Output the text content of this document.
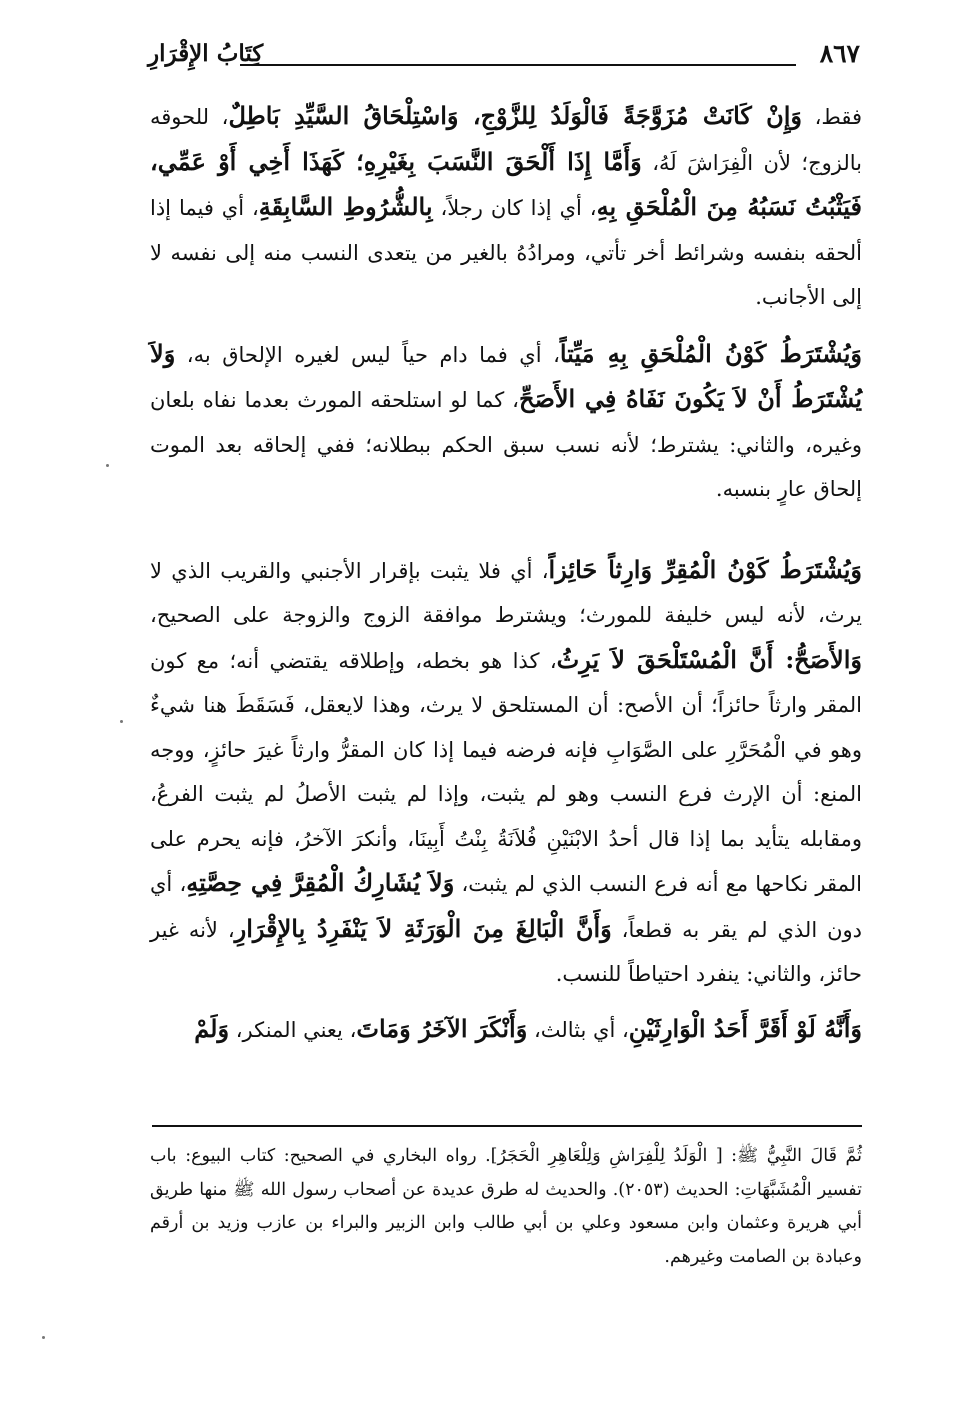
٨٦٧
كِتَابُ الإِقْرَارِ

فقط، وَإِنْ كَانَتْ مُزَوَّجَةً فَالْوَلَدُ لِلزَّوْجِ، وَاسْتِلْحَاقُ السَّيِّدِ بَاطِلٌ، للحوقه بالزوج؛ لأن الْفِرَاشَ لَهُ، وَأَمَّا إِذَا أَلْحَقَ النَّسَبَ بِغَيْرِهِ؛ كَهَذَا أَخِي أَوْ عَمِّي، فَيَثْبُتُ نَسَبُهُ مِنَ الْمُلْحَقِ بِهِ، أي إذا كان رجلاً، بِالشُّرُوطِ السَّابِقَةِ، أي فيما إذا ألحقه بنفسه وشرائط أخر تأتي، ومرادُهُ بالغير من يتعدى النسب منه إلى نفسه لا إلى الأجانب.

وَيُشْتَرَطُ كَوْنُ الْمُلْحَقِ بِهِ مَيِّتاً، أي فما دام حياً ليس لغيره الإلحاق به، وَلاَ يُشْتَرَطُ أَنْ لاَ يَكُونَ نَفَاهُ فِي الأَصَحِّ، كما لو استلحقه المورث بعدما نفاه بلعان وغيره، والثاني: يشترط؛ لأنه نسب سبق الحكم ببطلانه؛ ففي إلحاقه بعد الموت إلحاق عارٍ بنسبه.

وَيُشْتَرَطُ كَوْنُ الْمُقِرِّ وَارِثاً حَائِزاً، أي فلا يثبت بإقرار الأجنبي والقريب الذي لا يرث، لأنه ليس خليفة للمورث؛ ويشترط موافقة الزوج والزوجة على الصحيح، وَالأَصَحُّ: أَنَّ الْمُسْتَلْحَقَ لاَ يَرِثُ، كذا هو بخطه، وإطلاقه يقتضي أنه؛ مع كون المقر وارثاً حائزاً؛ أن الأصح: أن المستلحق لا يرث، وهذا لايعقل، فَسَقَطَ هنا شيءٌ وهو في الْمُحَرَّرِ على الصَّوَابِ فإنه فرضه فيما إذا كان المقرُّ وارثاً غيرَ حائزٍ، ووجه المنع: أن الإرث فرع النسب وهو لم يثبت، وإذا لم يثبت الأصلُ لم يثبت الفرعُ، ومقابله يتأيد بما إذا قال أحدُ الابْنَيْنِ فُلاَنَةُ بِنْتُ أَبِينَا، وأنكرَ الآخرُ، فإنه يحرم على المقر نكاحها مع أنه فرع النسب الذي لم يثبت، وَلاَ يُشَارِكُ الْمُقِرَّ فِي حِصَّتِهِ، أي دون الذي لم يقر به قطعاً، وَأَنَّ الْبَالِغَ مِنَ الْوَرَثَةِ لاَ يَنْفَرِدُ بِالإِقْرَارِ، لأنه غير حائز، والثاني: ينفرد احتياطاً للنسب.

وَأَنَّهُ لَوْ أَقَرَّ أَحَدُ الْوَارِثَيْنِ، أي بثالث، وَأَنْكَرَ الآخَرُ وَمَاتَ، يعني المنكر، وَلَمْ

ثُمَّ قَالَ النَّبِيُّ ﷺ: [ الْوَلَدُ لِلْفِرَاشِ وَلِلْعَاهِرِ الْحَجَرُ]. رواه البخاري في الصحيح: كتاب البيوع: باب تفسير الْمُشَبَّهَاتِ: الحديث (٢٠٥٣). والحديث له طرق عديدة عن أصحاب رسول الله ﷺ منها طريق أبي هريرة وعثمان وابن مسعود وعلي بن أبي طالب وابن الزبير والبراء بن عازب وزيد بن أرقم وعبادة بن الصامت وغيرهم.
